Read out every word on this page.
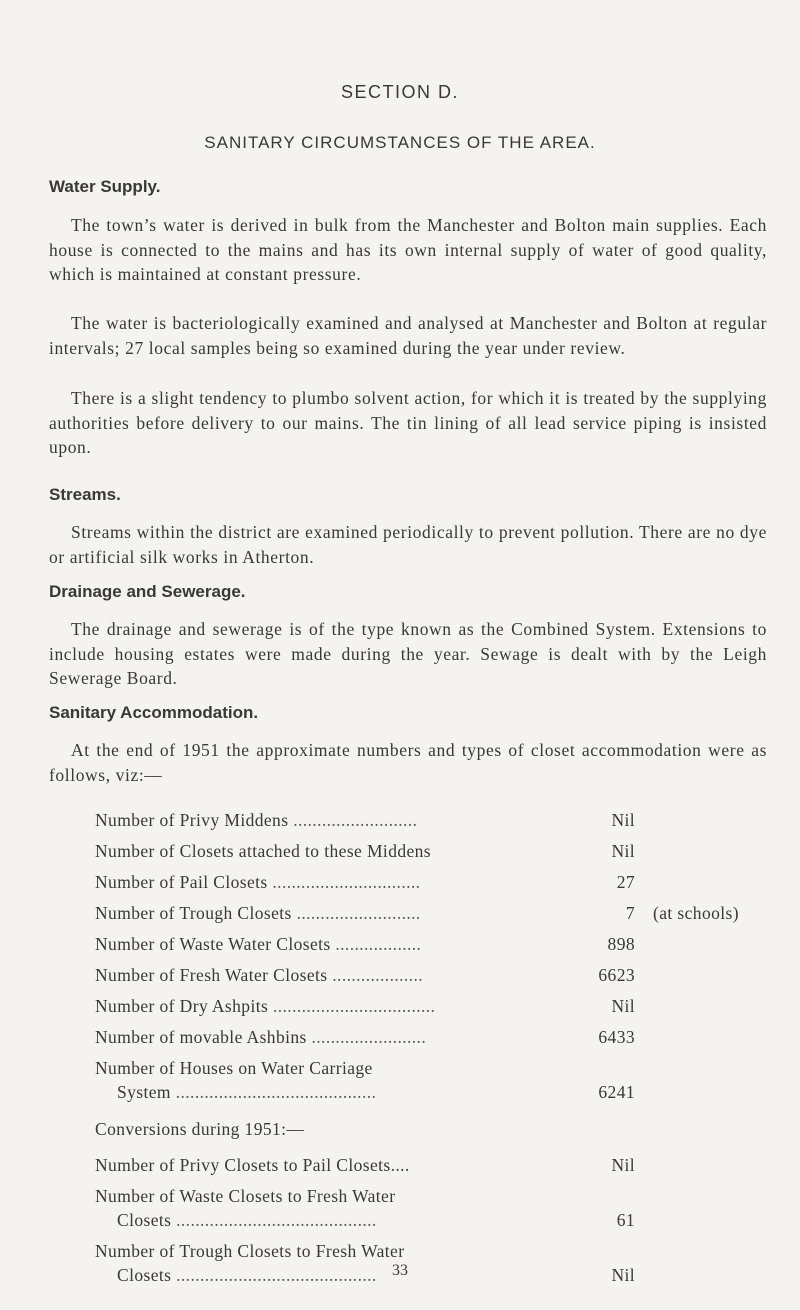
SECTION D.
SANITARY CIRCUMSTANCES OF THE AREA.
Water Supply.

The town’s water is derived in bulk from the Manchester and Bolton main supplies. Each house is connected to the mains and has its own internal supply of water of good quality, which is maintained at constant pressure.

The water is bacteriologically examined and analysed at Manchester and Bolton at regular intervals; 27 local samples being so examined during the year under review.

There is a slight tendency to plumbo solvent action, for which it is treated by the supplying authorities before delivery to our mains. The tin lining of all lead service piping is insisted upon.

Streams.

Streams within the district are examined periodically to prevent pollution. There are no dye or artificial silk works in Atherton.

Drainage and Sewerage.

The drainage and sewerage is of the type known as the Combined System. Extensions to include housing estates were made during the year. Sewage is dealt with by the Leigh Sewerage Board.

Sanitary Accommodation.

At the end of 1951 the approximate numbers and types of closet accommodation were as follows, viz:—

Number of Privy Middens ..........................	Nil
Number of Closets attached to these Middens	Nil
Number of Pail Closets ...............................	27
Number of Trough Closets ..........................	7 (at schools)
Number of Waste Water Closets ..................	898
Number of Fresh Water Closets ...................	6623
Number of Dry Ashpits ..................................	Nil
Number of movable Ashbins ........................	6433
Number of Houses on Water Carriage
System ..........................................	6241
Conversions during 1951:—
Number of Privy Closets to Pail Closets....	Nil
Number of Waste Closets to Fresh Water
Closets ..........................................	61
Number of Trough Closets to Fresh Water
Closets ..........................................	Nil
33
